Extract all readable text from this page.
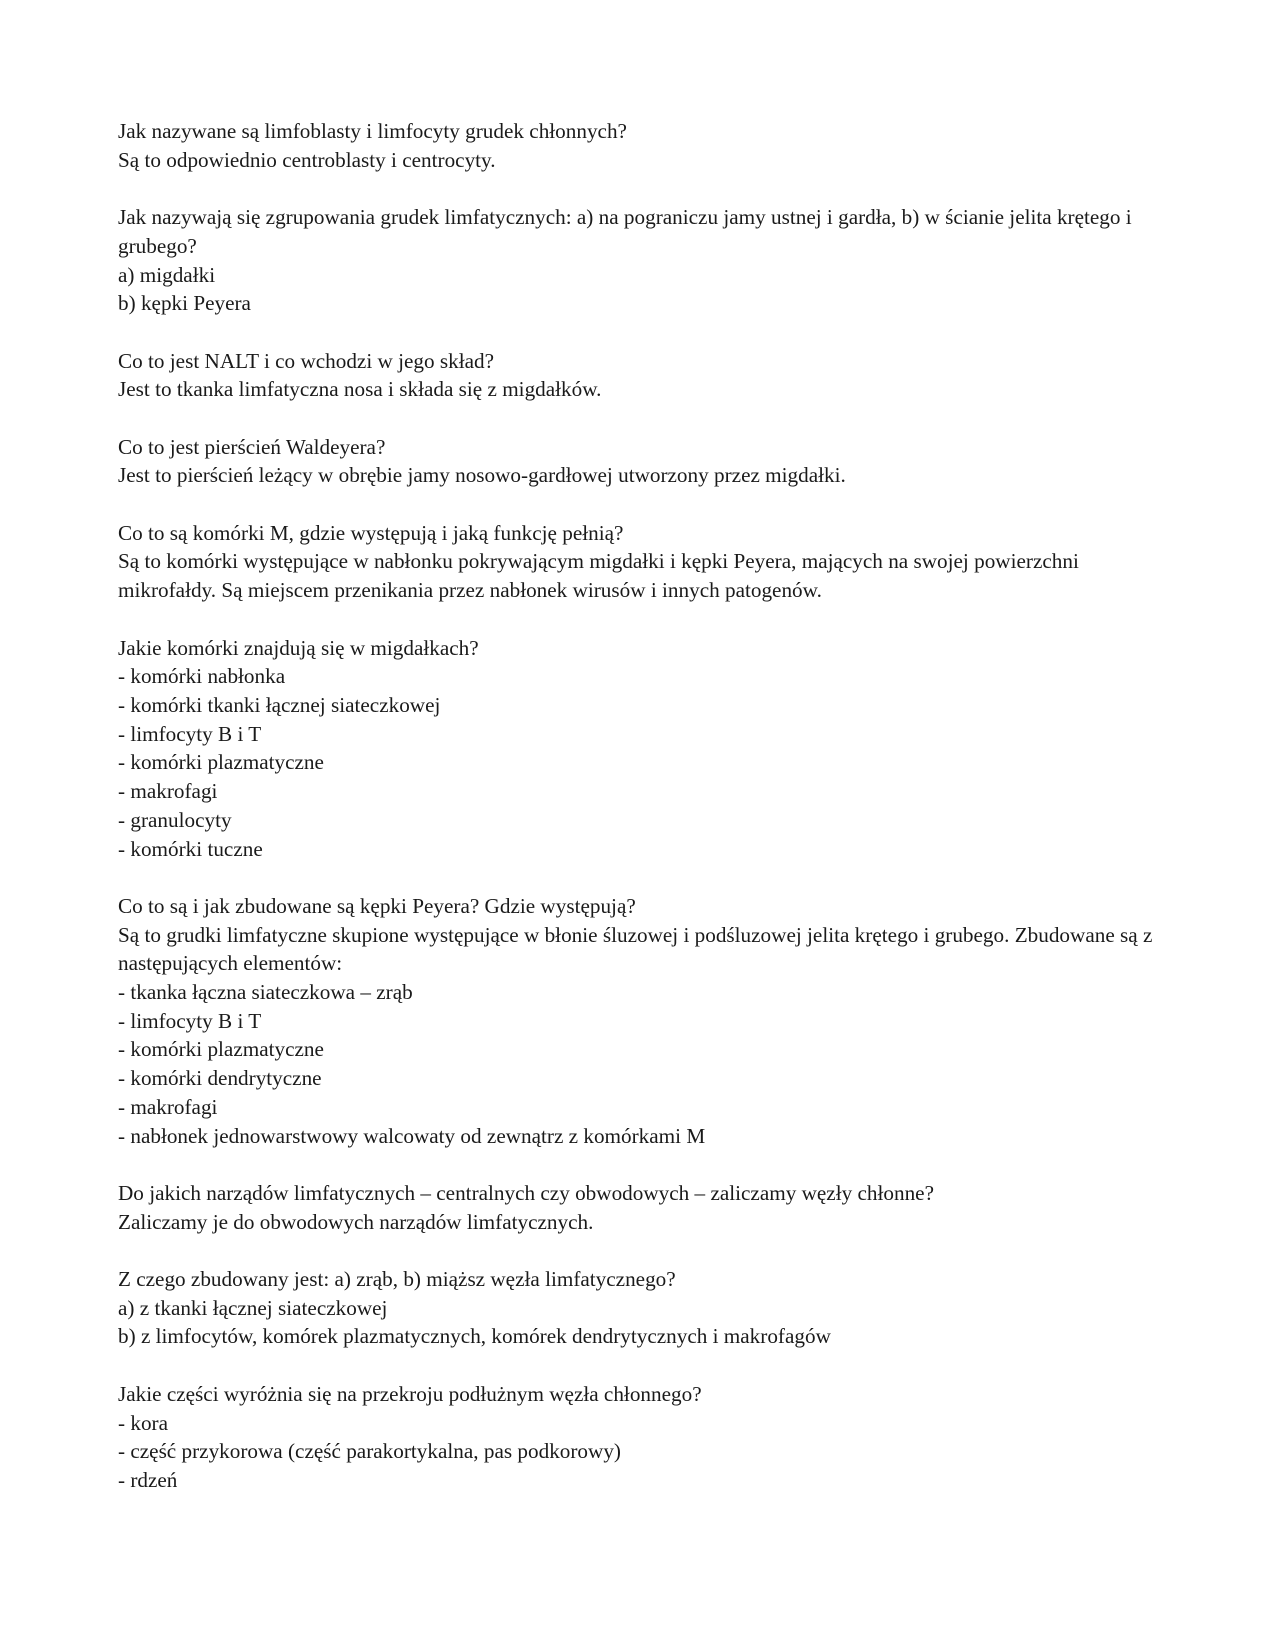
Jak nazywane są limfoblasty i limfocyty grudek chłonnych?
Są to odpowiednio centroblasty i centrocyty.
Jak nazywają się zgrupowania grudek limfatycznych: a) na pograniczu jamy ustnej i gardła, b) w ścianie jelita krętego i grubego?
a) migdałki
b) kępki Peyera
Co to jest NALT i co wchodzi w jego skład?
Jest to tkanka limfatyczna nosa i składa się z migdałków.
Co to jest pierścień Waldeyera?
Jest to pierścień leżący w obrębie jamy nosowo-gardłowej utworzony przez migdałki.
Co to są komórki M, gdzie występują i jaką funkcję pełnią?
Są to komórki występujące w nabłonku pokrywającym migdałki i kępki Peyera, mających na swojej powierzchni mikrofałdy. Są miejscem przenikania przez nabłonek wirusów i innych patogenów.
Jakie komórki znajdują się w migdałkach?
- komórki nabłonka
- komórki tkanki łącznej siateczkowej
- limfocyty B i T
- komórki plazmatyczne
- makrofagi
- granulocyty
- komórki tuczne
Co to są i jak zbudowane są kępki Peyera? Gdzie występują?
Są to grudki limfatyczne skupione występujące w błonie śluzowej i podśluzowej jelita krętego i grubego. Zbudowane są z następujących elementów:
- tkanka łączna siateczkowa – zrąb
- limfocyty B i T
- komórki plazmatyczne
- komórki dendrytyczne
- makrofagi
- nabłonek jednowarstwowy walcowaty od zewnątrz z komórkami M
Do jakich narządów limfatycznych – centralnych czy obwodowych – zaliczamy węzły chłonne?
Zaliczamy je do obwodowych narządów limfatycznych.
Z czego zbudowany jest: a) zrąb, b) miąższ węzła limfatycznego?
a) z tkanki łącznej siateczkowej
b) z limfocytów, komórek plazmatycznych, komórek dendrytycznych i makrofagów
Jakie części wyróżnia się na przekroju podłużnym węzła chłonnego?
- kora
- część przykorowa (część parakortykalna, pas podkorowy)
- rdzeń
